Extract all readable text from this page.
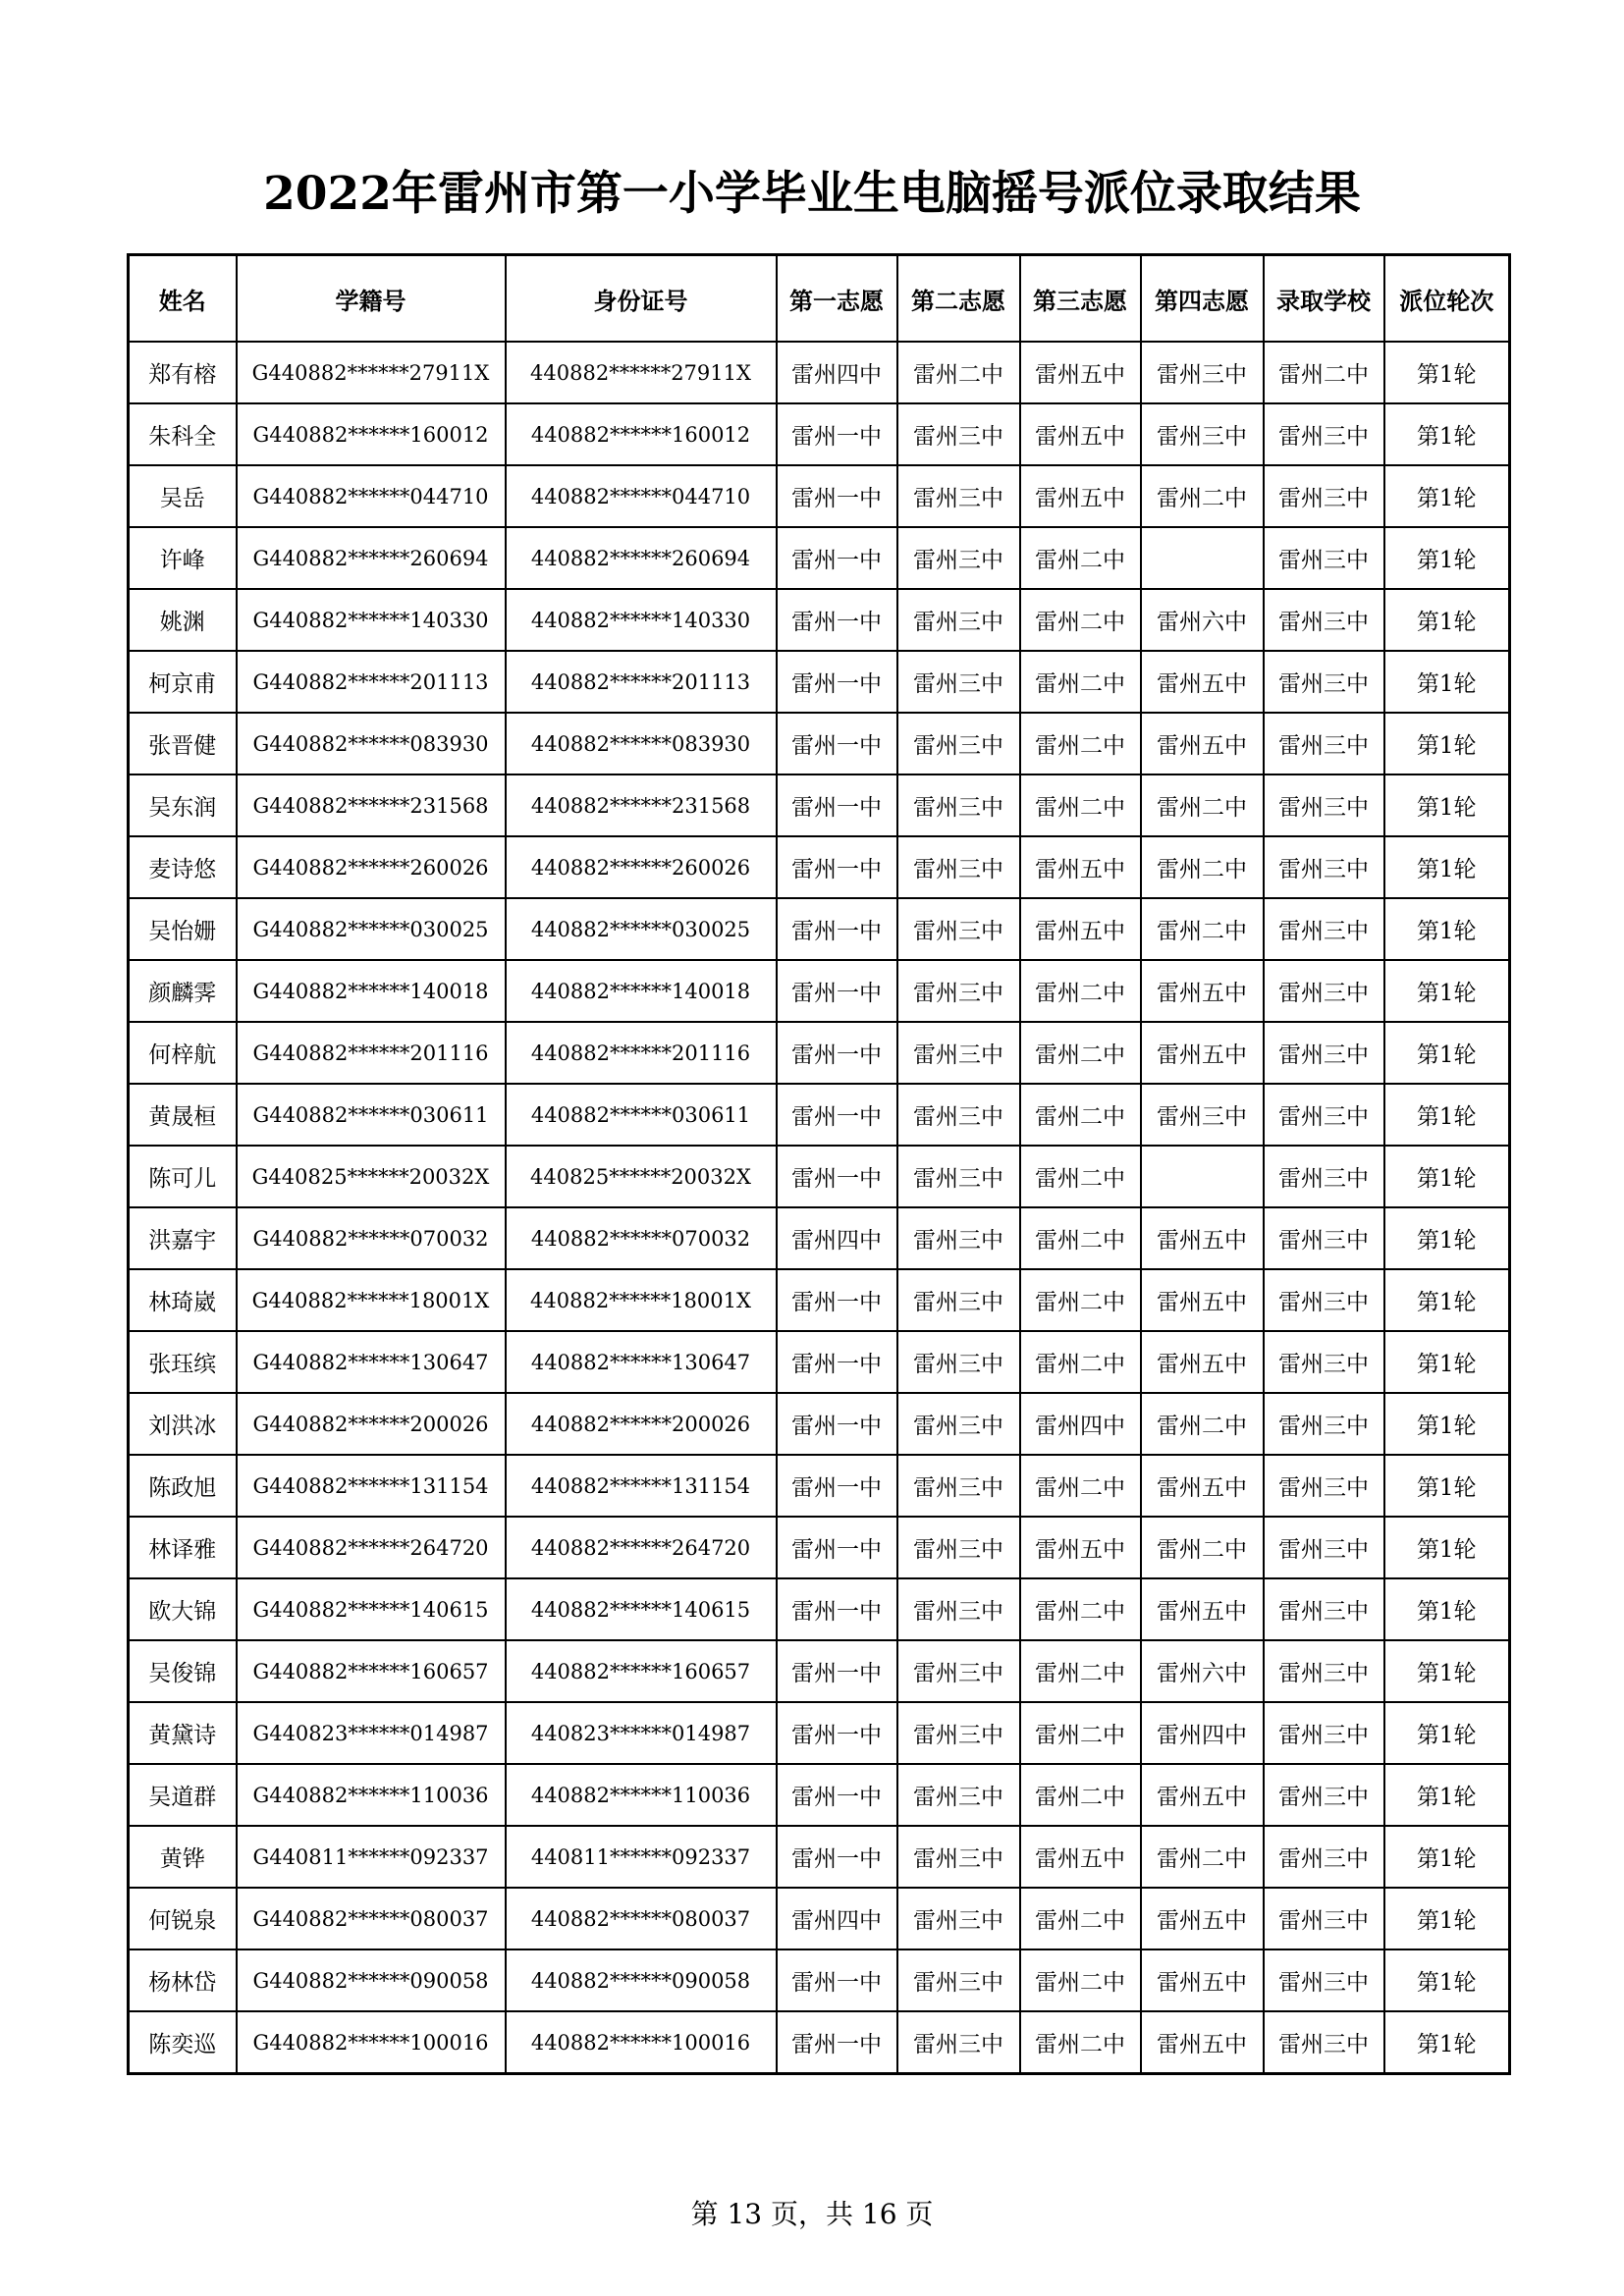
2022年雷州市第一小学毕业生电脑摇号派位录取结果
姓名	学籍号	身份证号	第一志愿	第二志愿	第三志愿	第四志愿	录取学校	派位轮次
郑有榕	G440882******27911X	440882******27911X	雷州四中	雷州二中	雷州五中	雷州三中	雷州二中	第1轮
朱科全	G440882******160012	440882******160012	雷州一中	雷州三中	雷州五中	雷州三中	雷州三中	第1轮
吴岳	G440882******044710	440882******044710	雷州一中	雷州三中	雷州五中	雷州二中	雷州三中	第1轮
许峰	G440882******260694	440882******260694	雷州一中	雷州三中	雷州二中		雷州三中	第1轮
姚渊	G440882******140330	440882******140330	雷州一中	雷州三中	雷州二中	雷州六中	雷州三中	第1轮
柯京甫	G440882******201113	440882******201113	雷州一中	雷州三中	雷州二中	雷州五中	雷州三中	第1轮
张晋健	G440882******083930	440882******083930	雷州一中	雷州三中	雷州二中	雷州五中	雷州三中	第1轮
吴东润	G440882******231568	440882******231568	雷州一中	雷州三中	雷州二中	雷州二中	雷州三中	第1轮
麦诗悠	G440882******260026	440882******260026	雷州一中	雷州三中	雷州五中	雷州二中	雷州三中	第1轮
吴怡姗	G440882******030025	440882******030025	雷州一中	雷州三中	雷州五中	雷州二中	雷州三中	第1轮
颜麟霁	G440882******140018	440882******140018	雷州一中	雷州三中	雷州二中	雷州五中	雷州三中	第1轮
何梓航	G440882******201116	440882******201116	雷州一中	雷州三中	雷州二中	雷州五中	雷州三中	第1轮
黄晟桓	G440882******030611	440882******030611	雷州一中	雷州三中	雷州二中	雷州三中	雷州三中	第1轮
陈可儿	G440825******20032X	440825******20032X	雷州一中	雷州三中	雷州二中		雷州三中	第1轮
洪嘉宇	G440882******070032	440882******070032	雷州四中	雷州三中	雷州二中	雷州五中	雷州三中	第1轮
林琦崴	G440882******18001X	440882******18001X	雷州一中	雷州三中	雷州二中	雷州五中	雷州三中	第1轮
张珏缤	G440882******130647	440882******130647	雷州一中	雷州三中	雷州二中	雷州五中	雷州三中	第1轮
刘洪冰	G440882******200026	440882******200026	雷州一中	雷州三中	雷州四中	雷州二中	雷州三中	第1轮
陈政旭	G440882******131154	440882******131154	雷州一中	雷州三中	雷州二中	雷州五中	雷州三中	第1轮
林译雅	G440882******264720	440882******264720	雷州一中	雷州三中	雷州五中	雷州二中	雷州三中	第1轮
欧大锦	G440882******140615	440882******140615	雷州一中	雷州三中	雷州二中	雷州五中	雷州三中	第1轮
吴俊锦	G440882******160657	440882******160657	雷州一中	雷州三中	雷州二中	雷州六中	雷州三中	第1轮
黄黛诗	G440823******014987	440823******014987	雷州一中	雷州三中	雷州二中	雷州四中	雷州三中	第1轮
吴道群	G440882******110036	440882******110036	雷州一中	雷州三中	雷州二中	雷州五中	雷州三中	第1轮
黄铧	G440811******092337	440811******092337	雷州一中	雷州三中	雷州五中	雷州二中	雷州三中	第1轮
何锐泉	G440882******080037	440882******080037	雷州四中	雷州三中	雷州二中	雷州五中	雷州三中	第1轮
杨林岱	G440882******090058	440882******090058	雷州一中	雷州三中	雷州二中	雷州五中	雷州三中	第1轮
陈奕巡	G440882******100016	440882******100016	雷州一中	雷州三中	雷州二中	雷州五中	雷州三中	第1轮
第 13 页，共 16 页
